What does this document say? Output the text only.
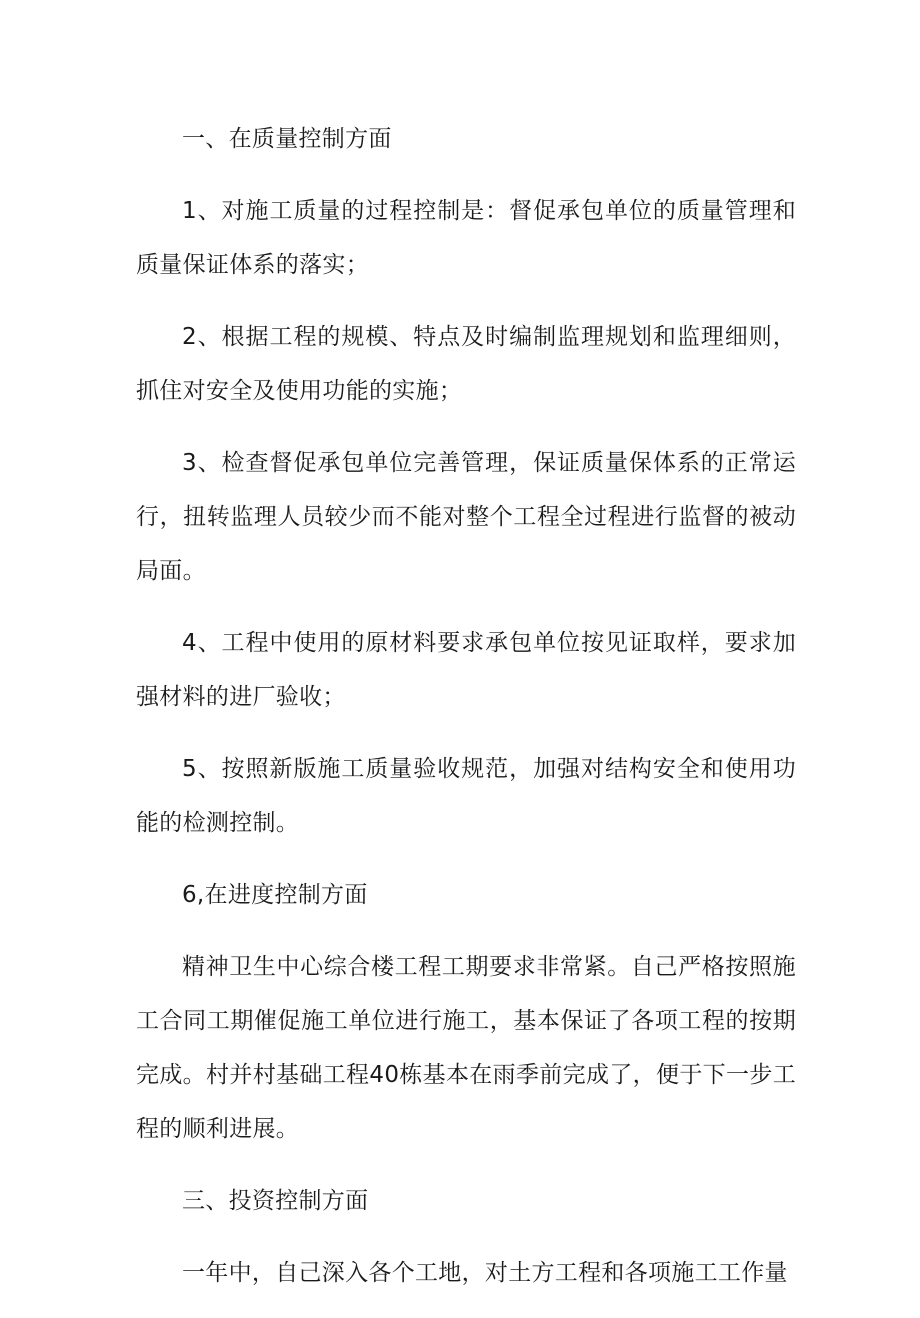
一、在质量控制方面

1、对施工质量的过程控制是：督促承包单位的质量管理和质量保证体系的落实；

2、根据工程的规模、特点及时编制监理规划和监理细则，抓住对安全及使用功能的实施；

3、检查督促承包单位完善管理，保证质量保体系的正常运行，扭转监理人员较少而不能对整个工程全过程进行监督的被动局面。

4、工程中使用的原材料要求承包单位按见证取样，要求加强材料的进厂验收；

5、按照新版施工质量验收规范，加强对结构安全和使用功能的检测控制。

6,在进度控制方面

精神卫生中心综合楼工程工期要求非常紧。自己严格按照施工合同工期催促施工单位进行施工，基本保证了各项工程的按期完成。村并村基础工程40栋基本在雨季前完成了，便于下一步工程的顺利进展。

三、投资控制方面

一年中，自己深入各个工地，对土方工程和各项施工工作量
